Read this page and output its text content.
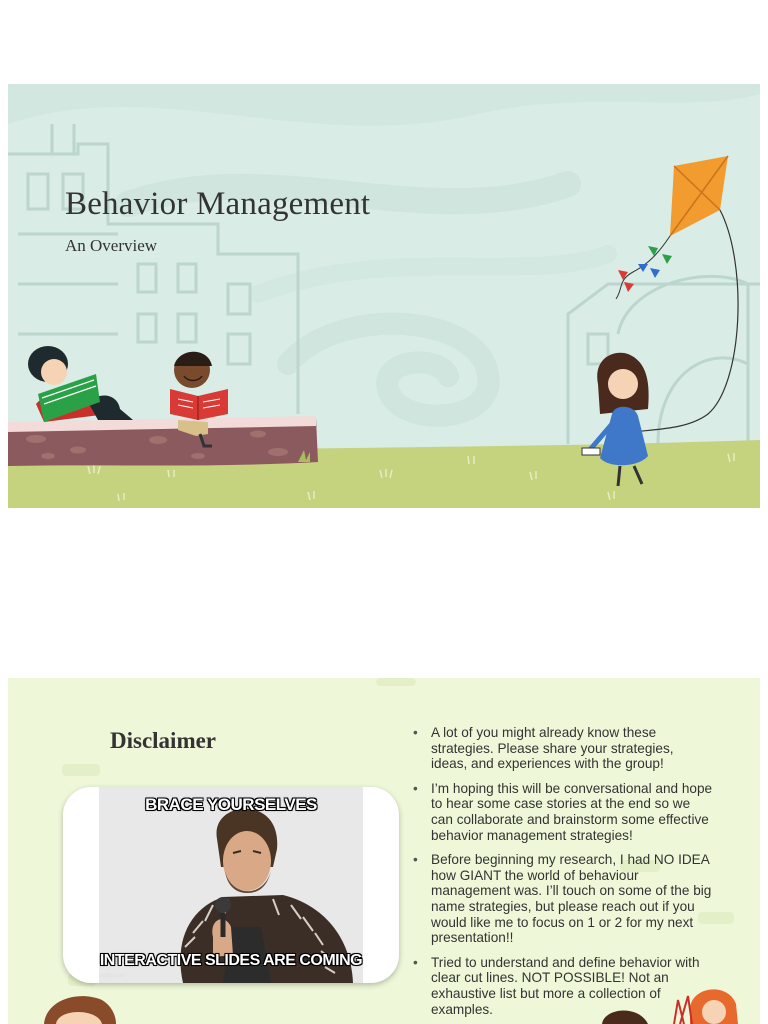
Behavior Management

An Overview

Disclaimer
BRACE YOURSELVES
INTERACTIVE SLIDES ARE COMING
imgflip.com
• A lot of you might already know these strategies. Please share your strategies, ideas, and experiences with the group!
• I’m hoping this will be conversational and hope to hear some case stories at the end so we can collaborate and brainstorm some effective behavior management strategies!
• Before beginning my research, I had NO IDEA how GIANT the world of behaviour management was. I’ll touch on some of the big name strategies, but please reach out if you would like me to focus on 1 or 2 for my next presentation!!
• Tried to understand and define behavior with clear cut lines. NOT POSSIBLE! Not an exhaustive list but more a collection of examples.
